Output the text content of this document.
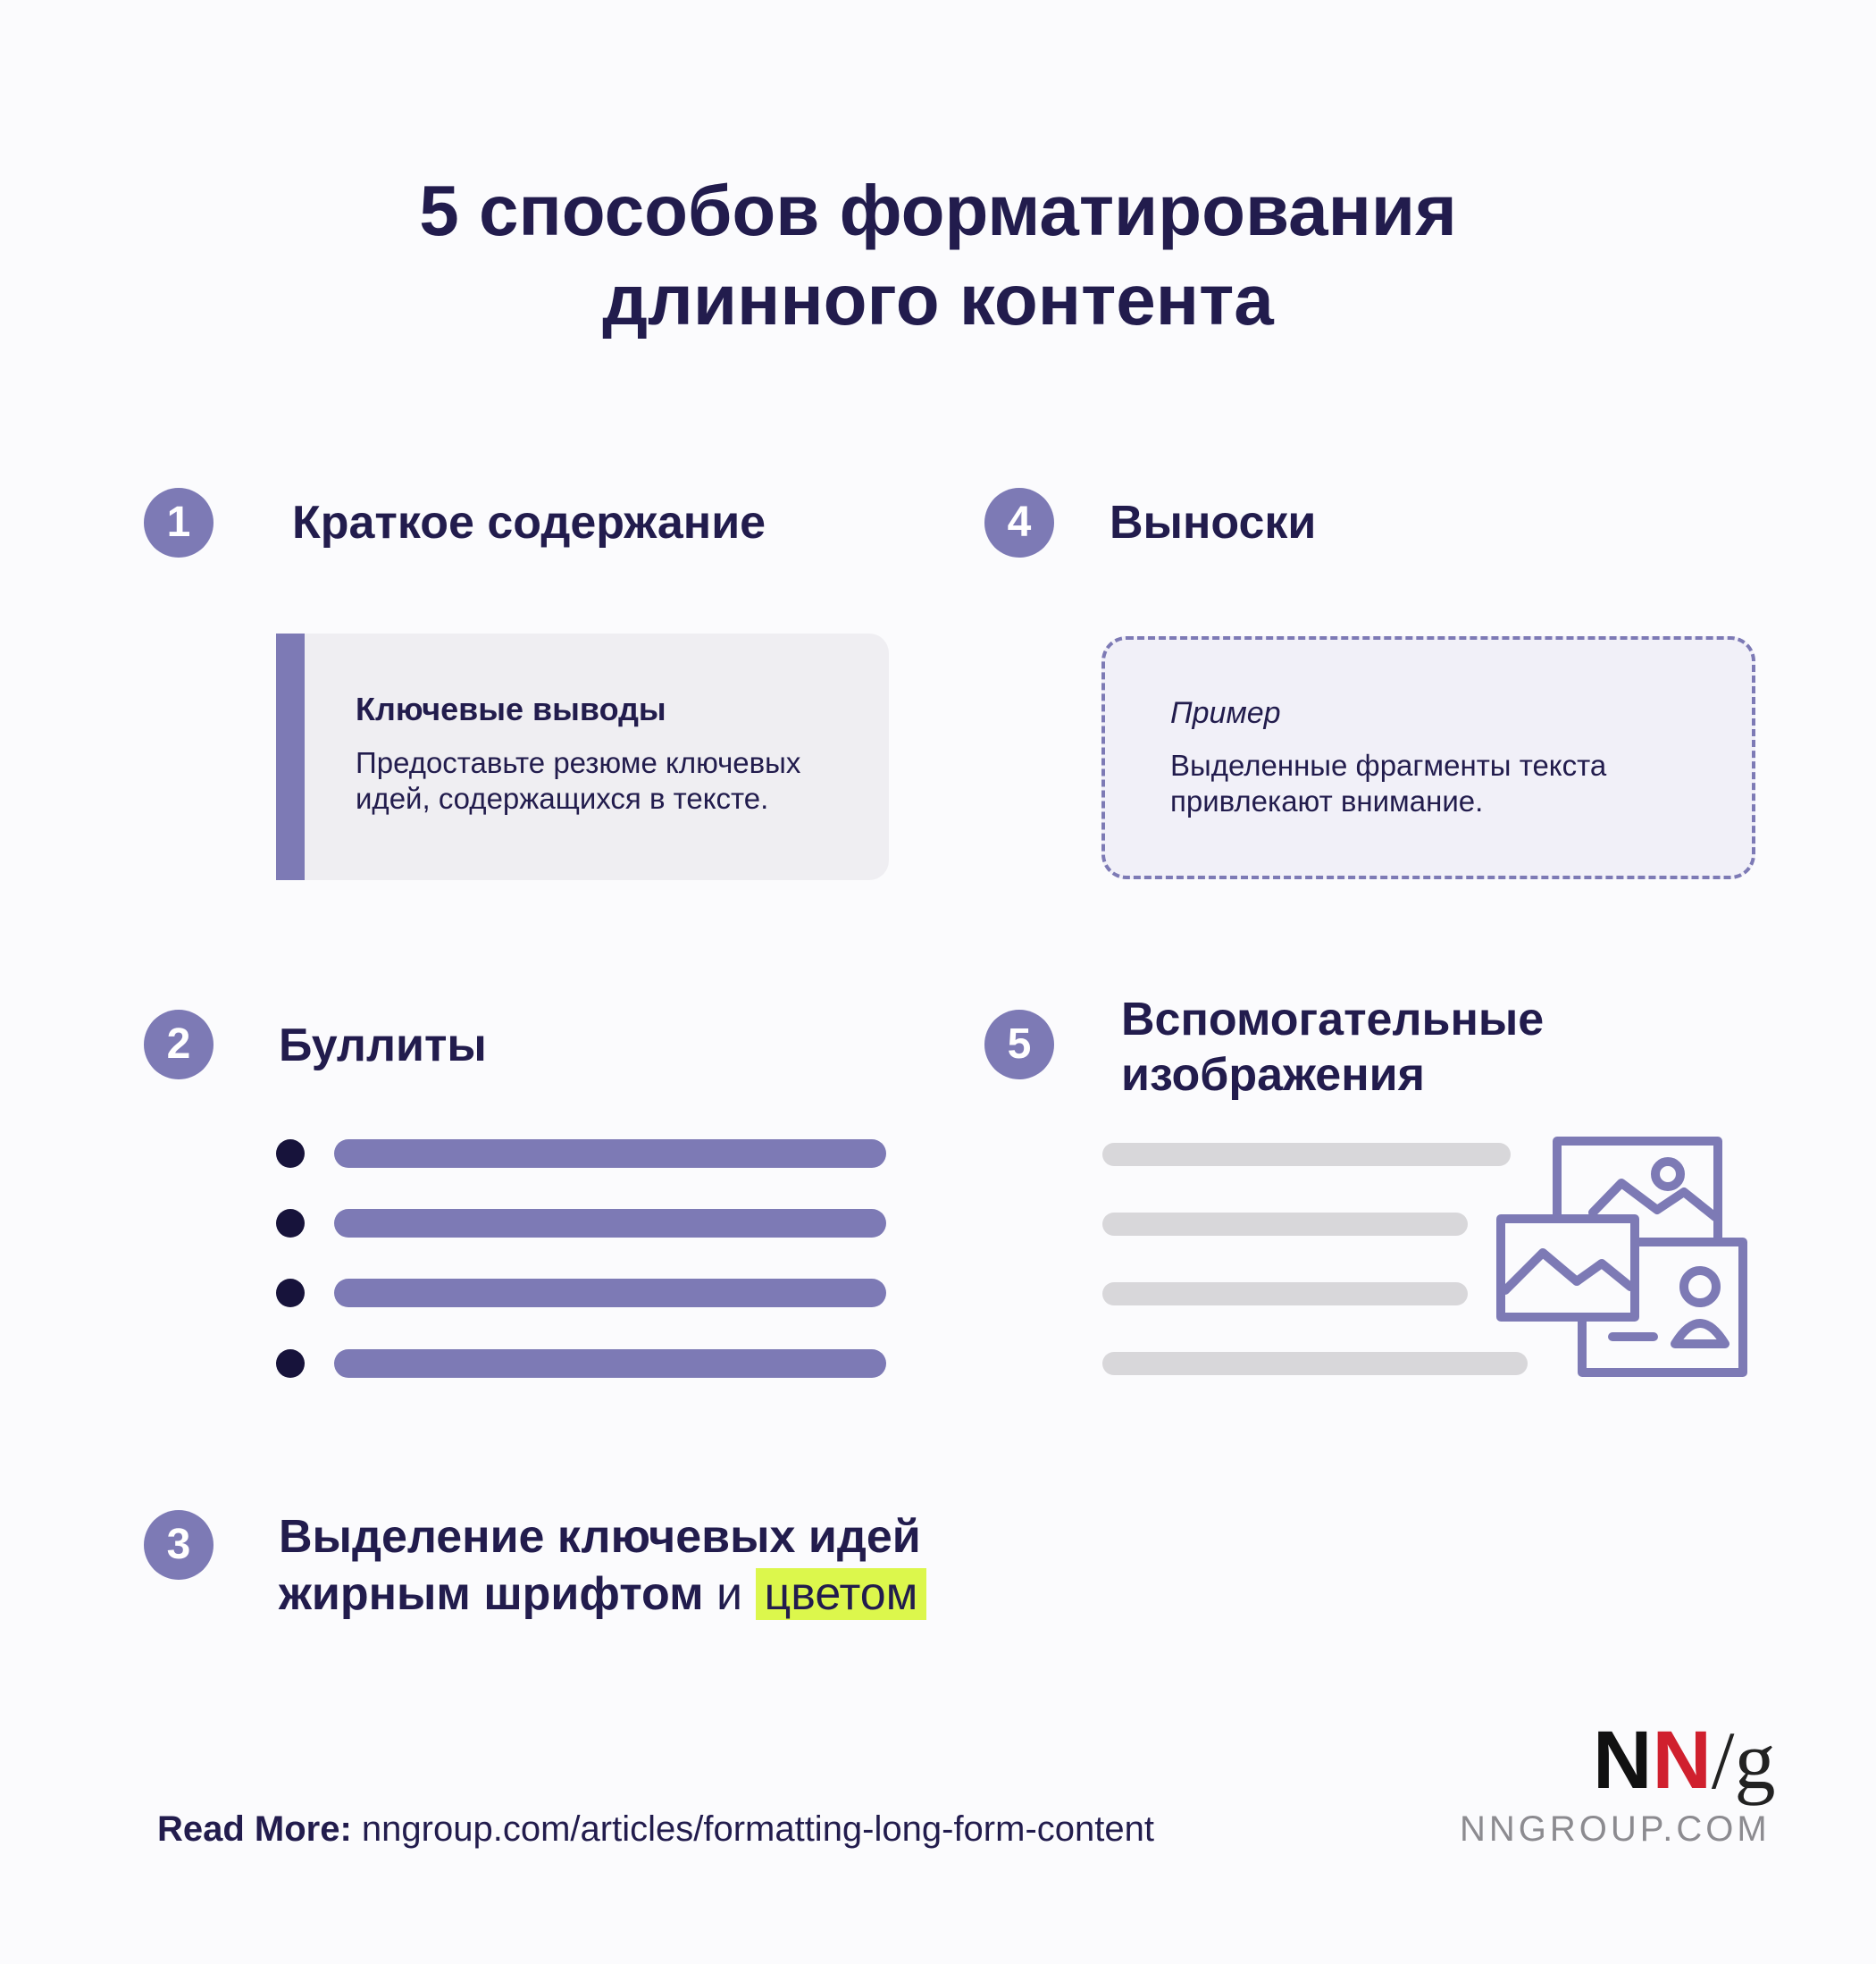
5 способов форматирования
длинного контента
1	Краткое содержание
Ключевые выводы
Предоставьте резюме ключевых
идей, содержащихся в тексте.
4	Выноски
Пример
Выделенные фрагменты текста
привлекают внимание.
2	Буллиты	5	Вспомогательные
изображения
3	Выделение ключевых идей
жирным шрифтом и цветом
Read More: nngroup.com/articles/formatting-long-form-content
NN/g
NNGROUP.COM
